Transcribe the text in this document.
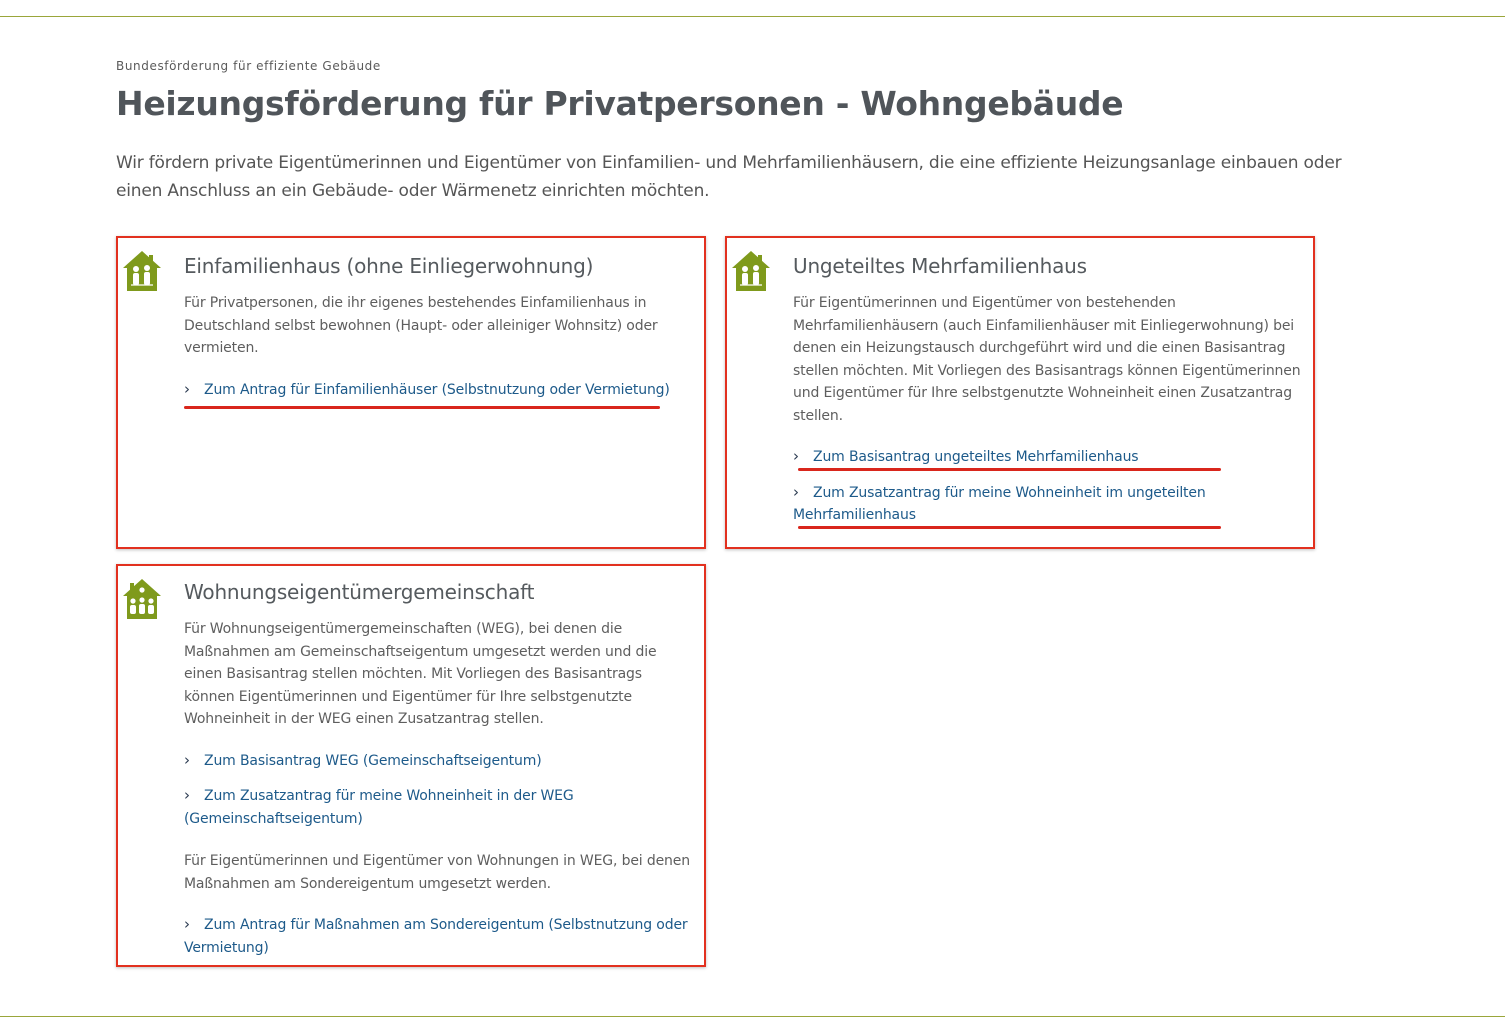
Bundesförderung für effiziente Gebäude
Heizungsförderung für Privatpersonen - Wohngebäude

Wir fördern private Eigentümerinnen und Eigentümer von Einfamilien- und Mehrfamilienhäusern, die eine effiziente Heizungsanlage einbauen oder einen Anschluss an ein Gebäude- oder Wärmenetz einrichten möchten.

Einfamilienhaus (ohne Einliegerwohnung)

Für Privatpersonen, die ihr eigenes bestehendes Einfamilienhaus in Deutschland selbst bewohnen (Haupt- oder alleiniger Wohnsitz) oder vermieten.

› Zum Antrag für Einfamilienhäuser (Selbstnutzung oder Vermietung)
Ungeteiltes Mehrfamilienhaus

Für Eigentümerinnen und Eigentümer von bestehenden Mehrfamilienhäusern (auch Einfamilienhäuser mit Einliegerwohnung) bei denen ein Heizungstausch durchgeführt wird und die einen Basisantrag stellen möchten. Mit Vorliegen des Basisantrags können Eigentümerinnen und Eigentümer für Ihre selbstgenutzte Wohneinheit einen Zusatzantrag stellen.

› Zum Basisantrag ungeteiltes Mehrfamilienhaus
› Zum Zusatzantrag für meine Wohneinheit im ungeteilten Mehrfamilienhaus
Wohnungseigentümergemeinschaft

Für Wohnungseigentümergemeinschaften (WEG), bei denen die Maßnahmen am Gemeinschaftseigentum umgesetzt werden und die einen Basisantrag stellen möchten. Mit Vorliegen des Basisantrags können Eigentümerinnen und Eigentümer für Ihre selbstgenutzte Wohneinheit in der WEG einen Zusatzantrag stellen.

› Zum Basisantrag WEG (Gemeinschaftseigentum)
› Zum Zusatzantrag für meine Wohneinheit in der WEG (Gemeinschaftseigentum)

Für Eigentümerinnen und Eigentümer von Wohnungen in WEG, bei denen Maßnahmen am Sondereigentum umgesetzt werden.

› Zum Antrag für Maßnahmen am Sondereigentum (Selbstnutzung oder Vermietung)
